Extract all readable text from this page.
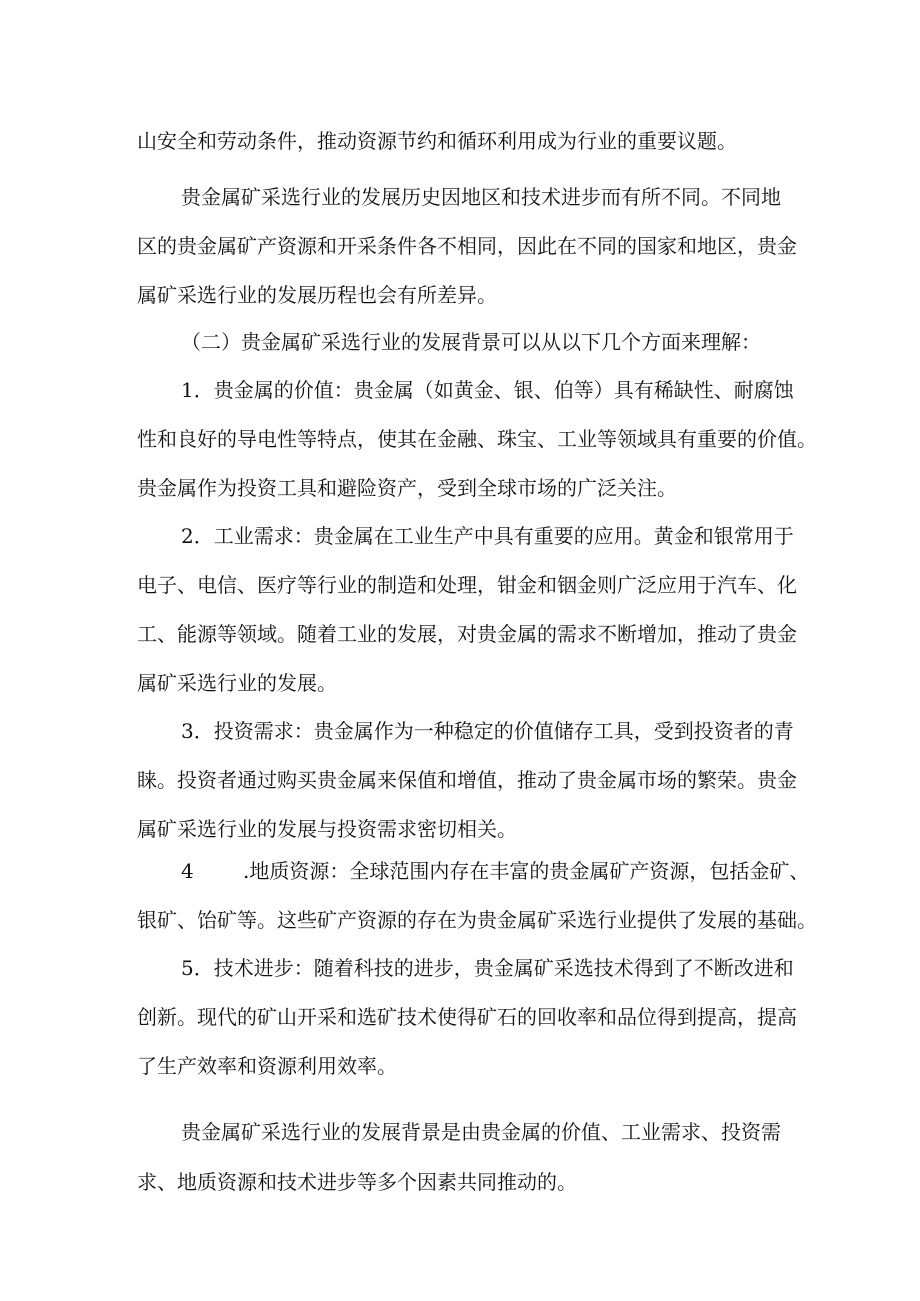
山安全和劳动条件，推动资源节约和循环利用成为行业的重要议题。
贵金属矿采选行业的发展历史因地区和技术进步而有所不同。不同地
区的贵金属矿产资源和开采条件各不相同，因此在不同的国家和地区，贵金
属矿采选行业的发展历程也会有所差异。
（二）贵金属矿采选行业的发展背景可以从以下几个方面来理解：
1．贵金属的价值：贵金属（如黄金、银、伯等）具有稀缺性、耐腐蚀
性和良好的导电性等特点，使其在金融、珠宝、工业等领域具有重要的价值。
贵金属作为投资工具和避险资产，受到全球市场的广泛关注。
2．工业需求：贵金属在工业生产中具有重要的应用。黄金和银常用于
电子、电信、医疗等行业的制造和处理，钳金和铟金则广泛应用于汽车、化
工、能源等领域。随着工业的发展，对贵金属的需求不断增加，推动了贵金
属矿采选行业的发展。
3．投资需求：贵金属作为一种稳定的价值储存工具，受到投资者的青
睐。投资者通过购买贵金属来保值和增值，推动了贵金属市场的繁荣。贵金
属矿采选行业的发展与投资需求密切相关。
4 .地质资源：全球范围内存在丰富的贵金属矿产资源，包括金矿、
银矿、饴矿等。这些矿产资源的存在为贵金属矿采选行业提供了发展的基础。
5．技术进步：随着科技的进步，贵金属矿采选技术得到了不断改进和
创新。现代的矿山开采和选矿技术使得矿石的回收率和品位得到提高，提高
了生产效率和资源利用效率。
贵金属矿采选行业的发展背景是由贵金属的价值、工业需求、投资需
求、地质资源和技术进步等多个因素共同推动的。
